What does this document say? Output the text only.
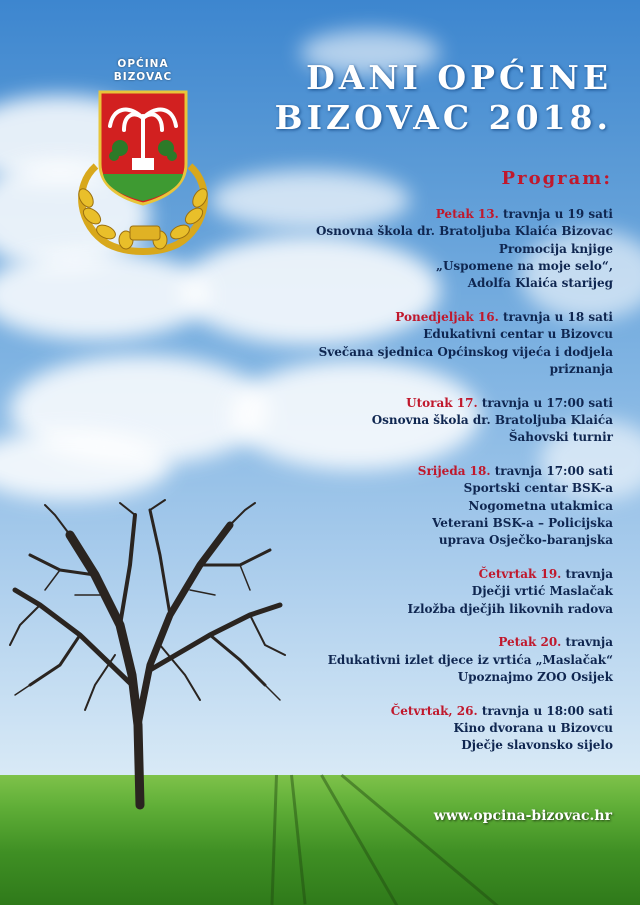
OPĆINA
BIZOVAC	DANI OPĆINE
BIZOVAC 2018.
Program:
Petak 13. travnja u 19 sati
Osnovna škola dr. Bratoljuba Klaića Bizovac
Promocija knjige
„Uspomene na moje selo“,
Adolfa Klaića starijeg
Ponedjeljak 16. travnja u 18 sati
Edukativni centar u Bizovcu
Svečana sjednica Općinskog vijeća i dodjela priznanja
Utorak 17. travnja u 17:00 sati
Osnovna škola dr. Bratoljuba Klaića
Šahovski turnir
Srijeda 18. travnja 17:00 sati
Sportski centar BSK-a
Nogometna utakmica
Veterani BSK-a – Policijska
uprava Osječko-baranjska
Četvrtak 19. travnja
Dječji vrtić Maslačak
Izložba dječjih likovnih radova
Petak 20. travnja
Edukativni izlet djece iz vrtića „Maslačak“
Upoznajmo ZOO Osijek
Četvrtak, 26. travnja u 18:00 sati
Kino dvorana u Bizovcu
Dječje slavonsko sijelo
www.opcina-bizovac.hr
